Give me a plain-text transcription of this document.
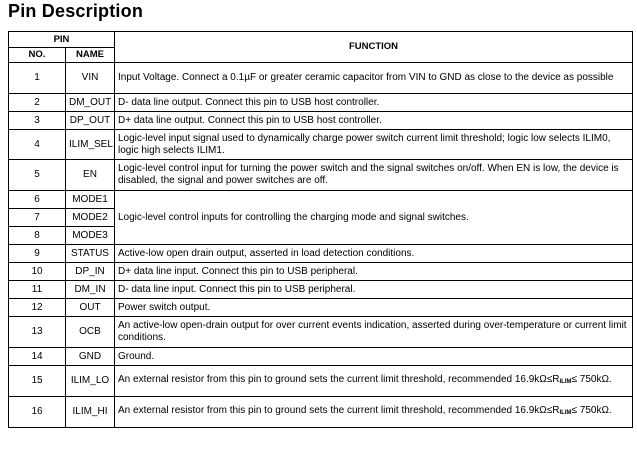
Pin Description
PIN		FUNCTION
NO.	NAME	
1	VIN	Input Voltage. Connect a 0.1µF or greater ceramic capacitor from VIN to GND as close to the device as possible
2	DM_OUT	D- data line output. Connect this pin to USB host controller.
3	DP_OUT	D+ data line output. Connect this pin to USB host controller.
4	ILIM_SEL	Logic-level input signal used to dynamically charge power switch current limit threshold; logic low selects ILIM0, logic high selects ILIM1.
5	EN	Logic-level control input for turning the power switch and the signal switches on/off. When EN is low, the device is disabled, the signal and power switches are off.
6	MODE1	Logic-level control inputs for controlling the charging mode and signal switches.
7	MODE2	
8	MODE3	
9	STATUS	Active-low open drain output, asserted in load detection conditions.
10	DP_IN	D+ data line input. Connect this pin to USB peripheral.
11	DM_IN	D- data line input. Connect this pin to USB peripheral.
12	OUT	Power switch output.
13	OCB	An active-low open-drain output for over current events indication, asserted during over-temperature or current limit conditions.
14	GND	Ground.
15	ILIM_LO	An external resistor from this pin to ground sets the current limit threshold, recommended 16.9kΩ≤RILIM≤ 750kΩ.
16	ILIM_HI	An external resistor from this pin to ground sets the current limit threshold, recommended 16.9kΩ≤RILIM≤ 750kΩ.
